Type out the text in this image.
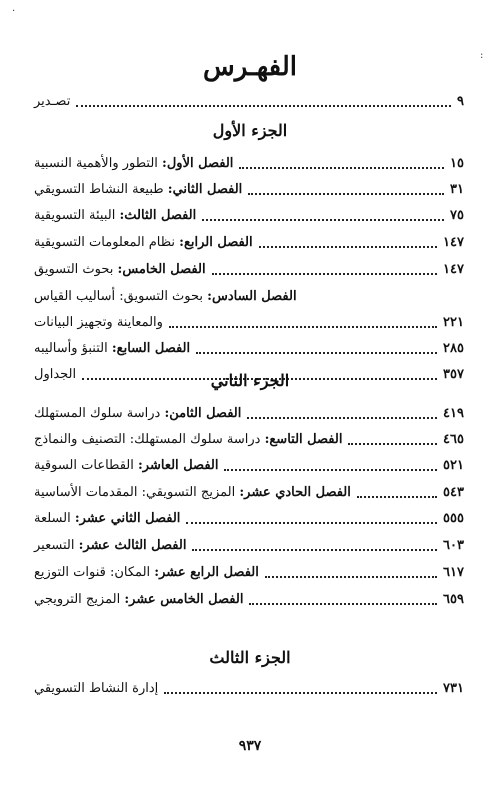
·
:
الفهـرس
تصـدير	٩
الجزء الأول
الفصل الأول: التطور والأهمية النسبية	١٥
الفصل الثاني: طبيعة النشاط التسويقي	٣١
الفصل الثالث: البيئة التسويقية	٧٥
الفصل الرابع: نظام المعلومات التسويقية	١٤٧
الفصل الخامس: بحوث التسويق	١٤٧
الفصل السادس: بحوث التسويق: أساليب القياس
والمعاينة وتجهيز البيانات	٢٢١
الفصل السابع: التنبؤ وأساليبه	٢٨٥
الجداول	٣٥٧
الجزء الثاني
الفصل الثامن: دراسة سلوك المستهلك	٤١٩
الفصل التاسع: دراسة سلوك المستهلك: التصنيف والنماذج	٤٦٥
الفصل العاشر: القطاعات السوقية	٥٢١
الفصل الحادي عشر: المزيج التسويقي: المقدمات الأساسية	٥٤٣
الفصل الثاني عشر: السلعة	٥٥٥
الفصل الثالث عشر: التسعير	٦٠٣
الفصل الرابع عشر: المكان: قنوات التوزيع	٦١٧
الفصل الخامس عشر: المزيج الترويجي	٦٥٩
الجزء الثالث
إدارة النشاط التسويقي	٧٣١
٩٣٧
